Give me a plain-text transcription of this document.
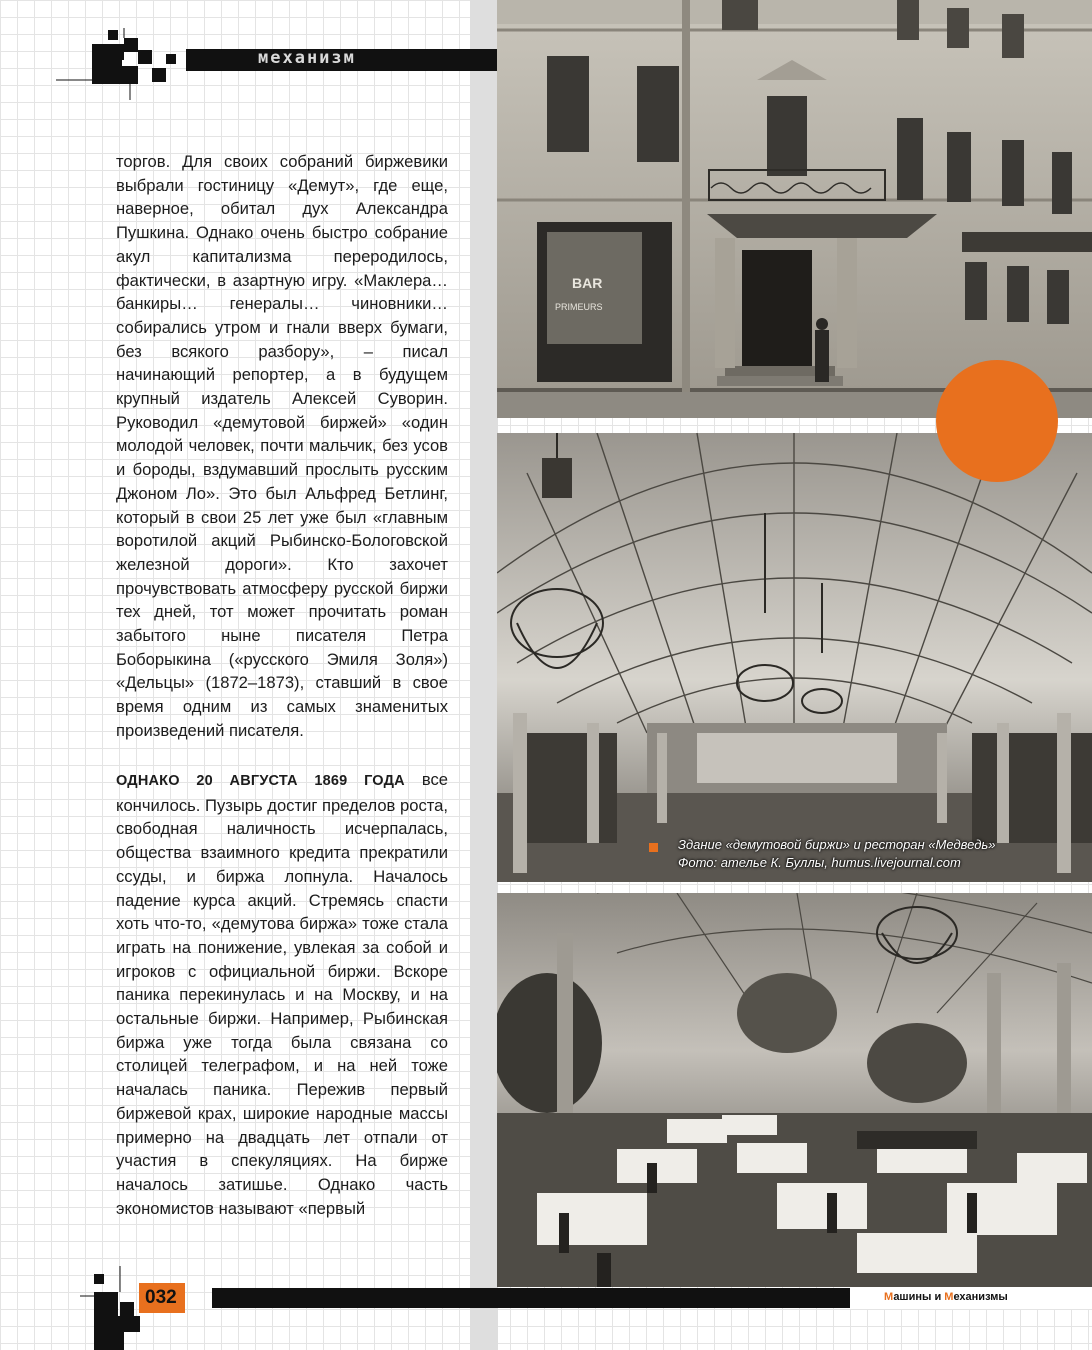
механизм
торгов. Для своих собраний биржевики выбрали гостиницу «Демут», где еще, наверное, обитал дух Александра Пушкина. Однако очень быстро собрание акул капитализма переродилось, фактически, в азартную игру. «Маклера… банкиры… генералы… чиновники… собирались утром и гнали вверх бумаги, без всякого разбору», – писал начинающий репортер, а в будущем крупный издатель Алексей Суворин. Руководил «демутовой биржей» «один молодой человек, почти мальчик, без усов и бороды, вздумавший прослыть русским Джоном Ло». Это был Альфред Бетлинг, который в свои 25 лет уже был «главным воротилой акций Рыбинско-Бологовской железной дороги». Кто захочет прочувствовать атмосферу русской биржи тех дней, тот может прочитать роман забытого ныне писателя Петра Боборыкина («русского Эмиля Золя») «Дельцы» (1872–1873), ставший в свое время одним из самых знаменитых произведений писателя.
ОДНАКО 20 АВГУСТА 1869 ГОДА все кончилось. Пузырь достиг пределов роста, свободная наличность исчерпалась, общества взаимного кредита прекратили ссуды, и биржа лопнула. Началось падение курса акций. Стремясь спасти хоть что-то, «демутова биржа» тоже стала играть на понижение, увлекая за собой и игроков с официальной биржи. Вскоре паника перекинулась и на Москву, и на остальные биржи. Например, Рыбинская биржа уже тогда была связана со столицей телеграфом, и на ней тоже началась паника. Пережив первый биржевой крах, широкие народные массы примерно на двадцать лет отпали от участия в спекуляциях. На бирже началось затишье. Однако часть экономистов называют «первый
BAR
PRIMEURS
Здание «демутовой биржи» и ресторан «Медведь»
Фото: ателье К. Буллы, humus.livejournal.com
032	Машины и Механизмы
